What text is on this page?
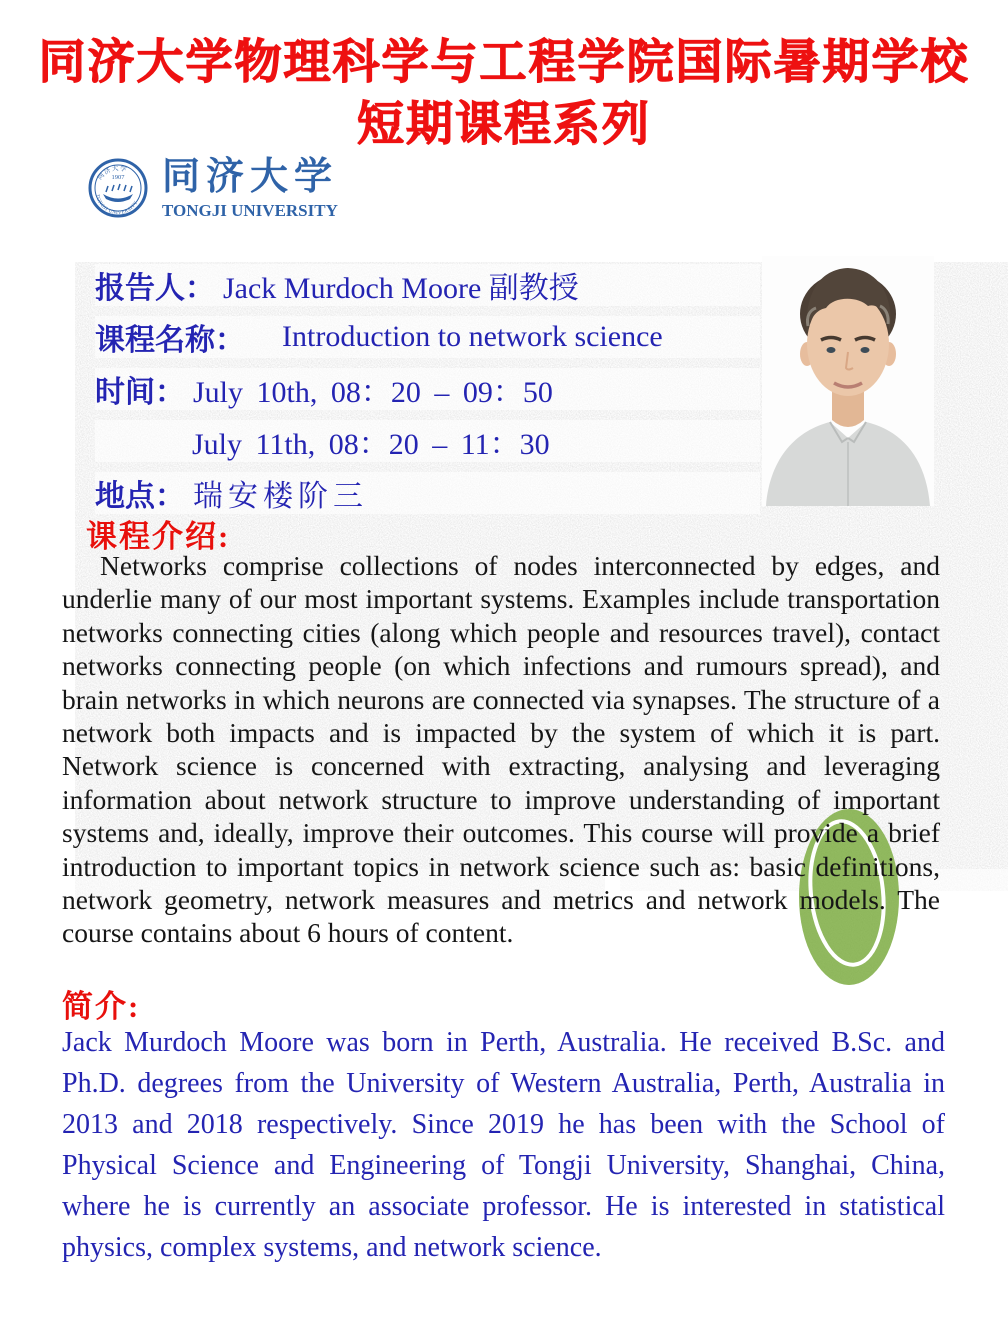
同济大学物理科学与工程学院国际暑期学校
短期课程系列
同济大学
1907
TONGJI UNIVERSITY
同济大学
TONGJI UNIVERSITY
报告人： Jack Murdoch Moore 副教授
课程名称： Introduction to network science
时间： July 10th, 08：20 – 09：50
July 11th, 08：20 – 11：30
地点： 瑞安楼阶三
课程介绍:
Networks comprise collections of nodes interconnected by edges, and underlie many of our most important systems. Examples include transportation networks connecting cities (along which people and resources travel), contact networks connecting people (on which infections and rumours spread), and brain networks in which neurons are connected via synapses. The structure of a network both impacts and is impacted by the system of which it is part. Network science is concerned with extracting, analysing and leveraging information about network structure to improve understanding of important systems and, ideally, improve their outcomes. This course will provide a brief introduction to important topics in network science such as: basic definitions, network geometry, network measures and metrics and network models. The course contains about 6 hours of content.
简介:
Jack Murdoch Moore was born in Perth, Australia. He received B.Sc. and Ph.D. degrees from the University of Western Australia, Perth, Australia in 2013 and 2018 respectively. Since 2019 he has been with the School of Physical Science and Engineering of Tongji University, Shanghai, China, where he is currently an associate professor. He is interested in statistical physics, complex systems, and network science.
